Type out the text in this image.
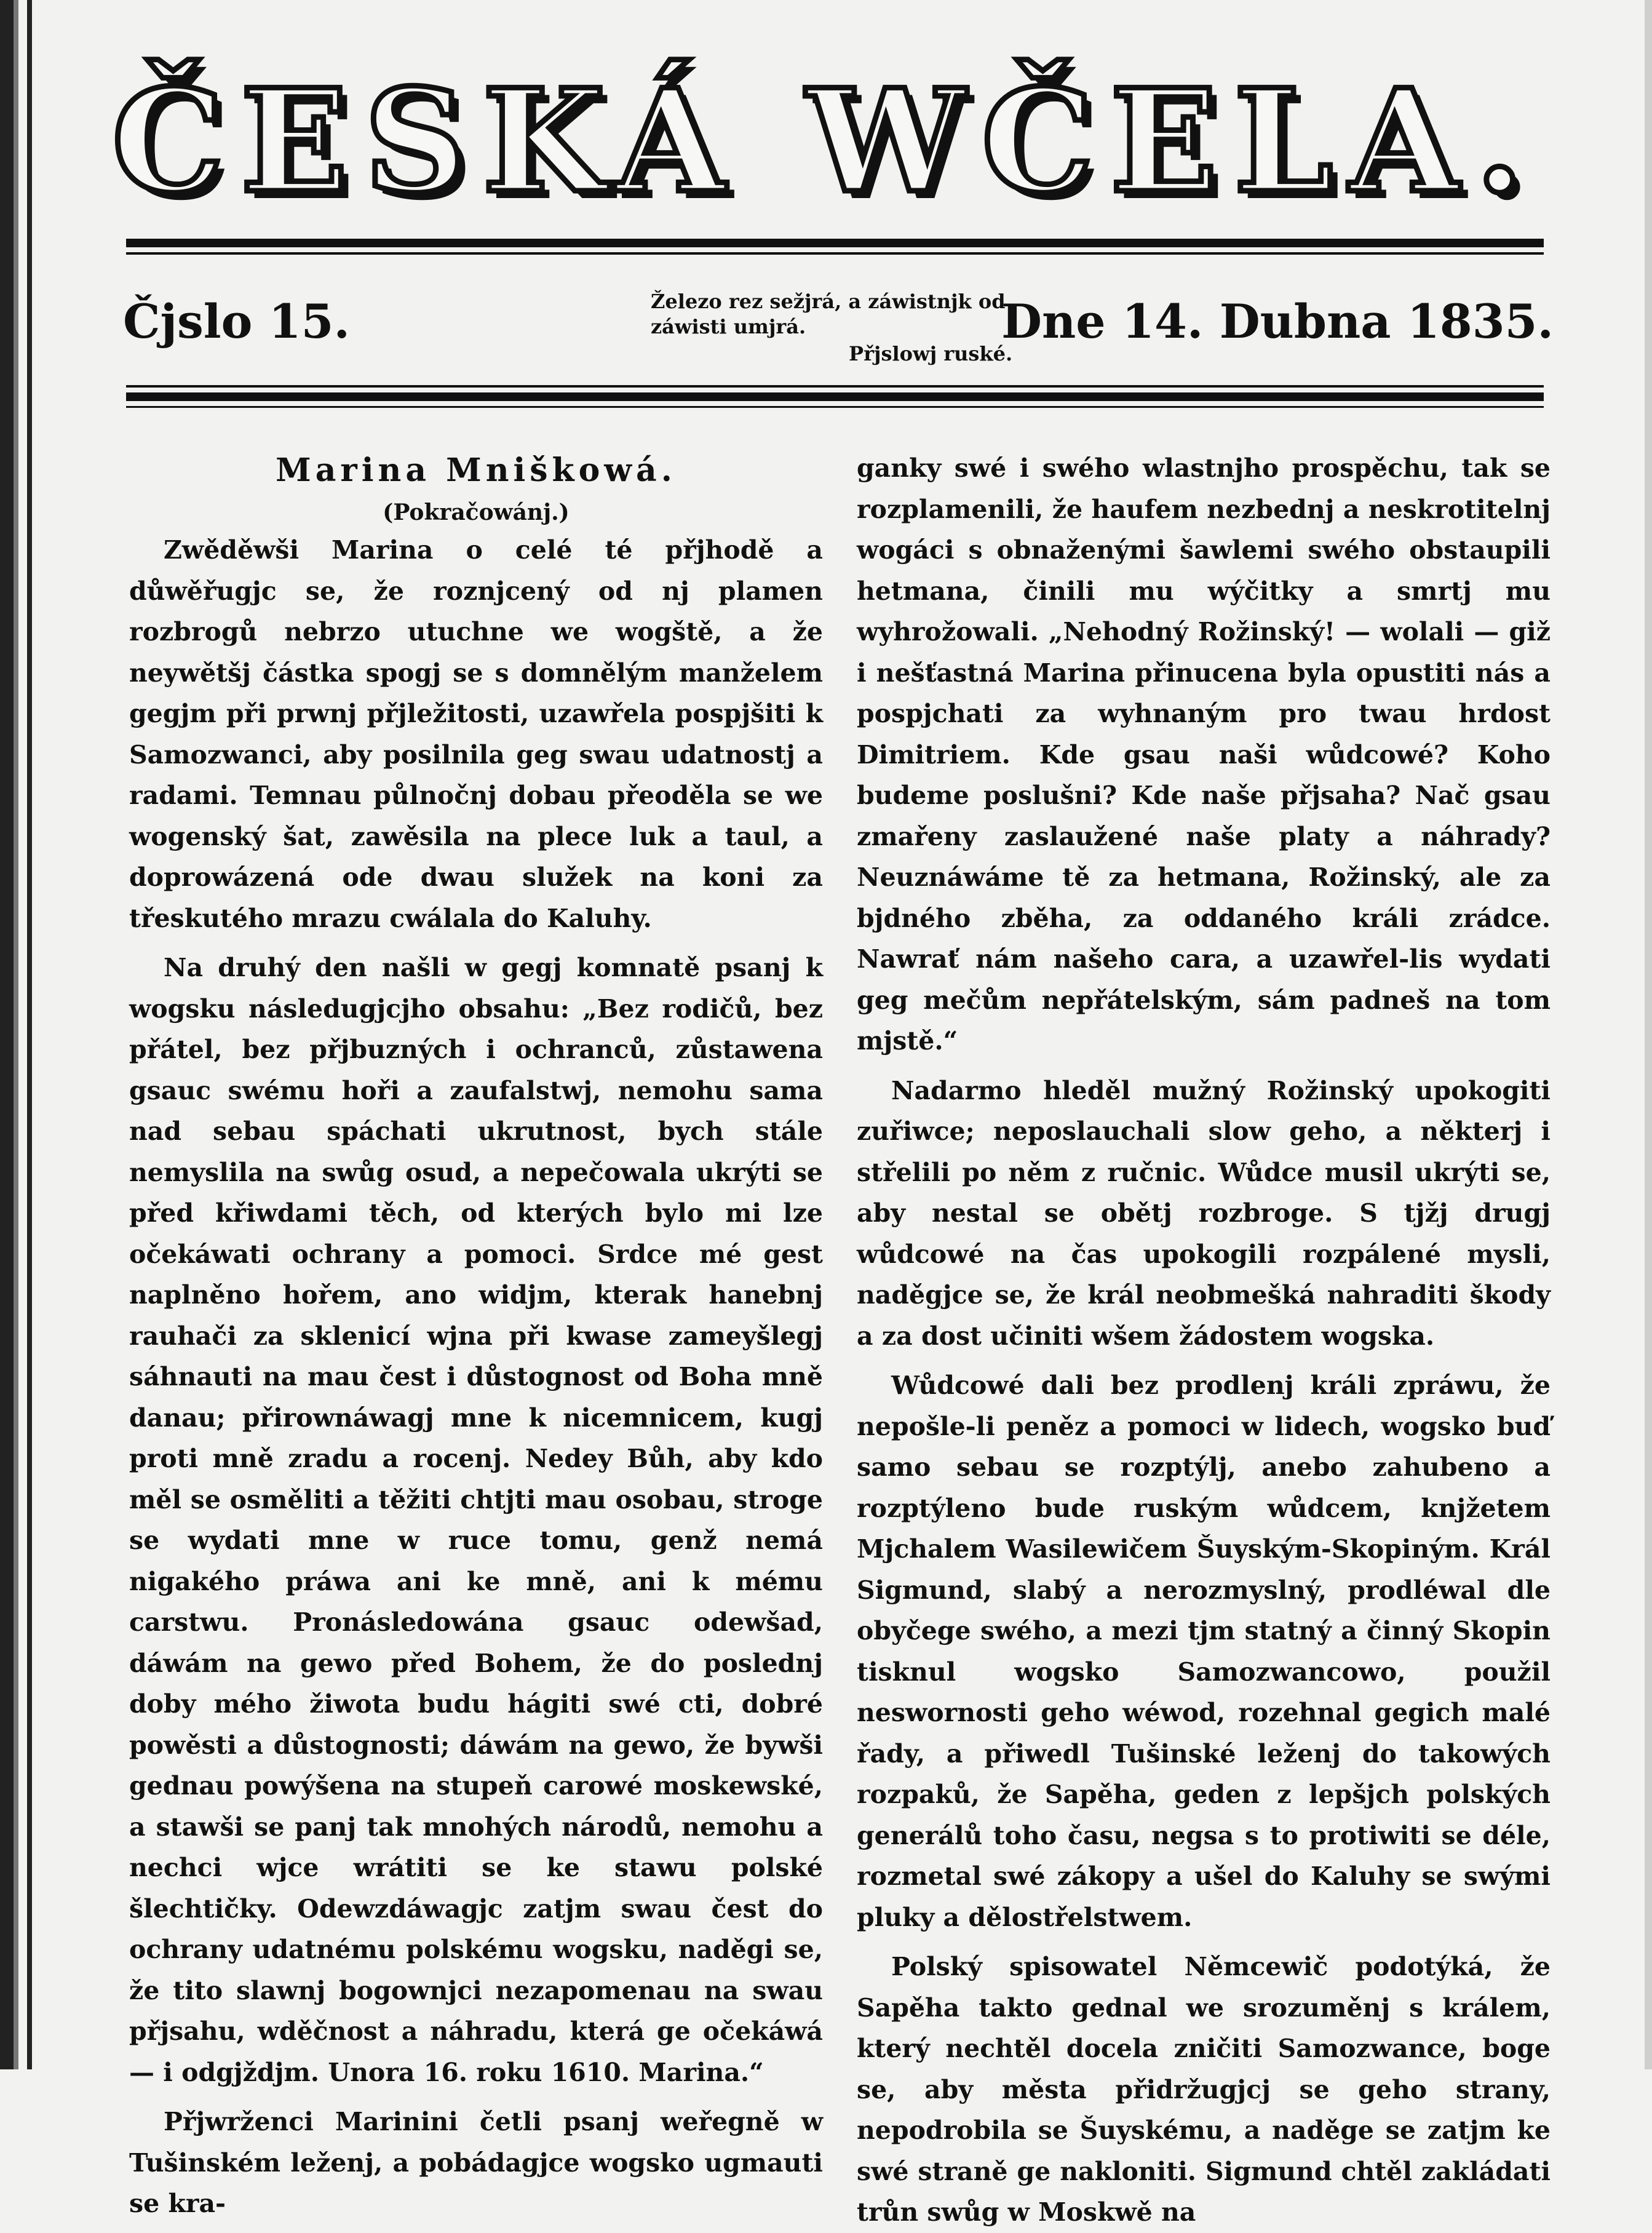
ČESKÁ WČELA.
Čjslo 15.	Železo rez sežjrá, a záwistnjk od záwisti umjrá.
Přjslowj ruské.
Dne 14. Dubna 1835.

Marina Mniškowá.

(Pokračowánj.)

Zwěděwši Marina o celé té přjhodě a důwěřugjc se, že roznjcený od nj plamen rozbrogů nebrzo utuchne we wogště, a že neywětšj částka spogj se s domnělým manželem gegjm při prwnj přjležitosti, uzawřela pospjšiti k Samozwanci, aby posilnila geg swau udatnostj a radami. Temnau půlnočnj dobau přeoděla se we wogenský šat, zawěsila na plece luk a taul, a doprowázená ode dwau služek na koni za třeskutého mrazu cwálala do Kaluhy.

Na druhý den našli w gegj komnatě psanj k wogsku následugjcjho obsahu: „Bez rodičů, bez přátel, bez přjbuzných i ochranců, zůstawena gsauc swému hoři a zaufalstwj, nemohu sama nad sebau spáchati ukrutnost, bych stále nemyslila na swůg osud, a nepečowala ukrýti se před křiwdami těch, od kterých bylo mi lze očekáwati ochrany a pomoci. Srdce mé gest naplněno hořem, ano widjm, kterak hanebnj rauhači za sklenicí wjna při kwase zameyšlegj sáhnauti na mau čest i důstognost od Boha mně danau; přirownáwagj mne k nicemnicem, kugj proti mně zradu a rocenj. Nedey Bůh, aby kdo měl se osměliti a těžiti chtjti mau osobau, stroge se wydati mne w ruce tomu, genž nemá nigakého práwa ani ke mně, ani k mému carstwu. Pronásledowána gsauc odewšad, dáwám na gewo před Bohem, že do poslednj doby mého žiwota budu hágiti swé cti, dobré powěsti a důstognosti; dáwám na gewo, že bywši gednau powýšena na stupeň carowé moskewské, a stawši se panj tak mnohých národů, nemohu a nechci wjce wrátiti se ke stawu polské šlechtičky. Odewzdáwagjc zatjm swau čest do ochrany udatnému polskému wogsku, naděgi se, že tito slawnj bogownjci nezapomenau na swau přjsahu, wděčnost a náhradu, která ge očekáwá — i odgjždjm. Unora 16. roku 1610. Marina.“

Přjwrženci Marinini četli psanj weřegně w Tušinském leženj, a pobádagjce wogsko ugmauti se kra-

ganky swé i swého wlastnjho prospěchu, tak se rozplamenili, že haufem nezbednj a neskrotitelnj wogáci s obnaženými šawlemi swého obstaupili hetmana, činili mu wýčitky a smrtj mu wyhrožowali. „Nehodný Rožinský! — wolali — giž i nešťastná Marina přinucena byla opustiti nás a pospjchati za wyhnaným pro twau hrdost Dimitriem. Kde gsau naši wůdcowé? Koho budeme poslušni? Kde naše přjsaha? Nač gsau zmařeny zaslaužené naše platy a náhrady? Neuznáwáme tě za hetmana, Rožinský, ale za bjdného zběha, za oddaného králi zrádce. Nawrať nám našeho cara, a uzawřel-lis wydati geg mečům nepřátelským, sám padneš na tom mjstě.“

Nadarmo hleděl mužný Rožinský upokogiti zuřiwce; neposlauchali slow geho, a některj i střelili po něm z ručnic. Wůdce musil ukrýti se, aby nestal se obětj rozbroge. S tjžj drugj wůdcowé na čas upokogili rozpálené mysli, naděgjce se, že král neobmešká nahraditi škody a za dost učiniti wšem žádostem wogska.

Wůdcowé dali bez prodlenj králi zpráwu, že nepošle-li peněz a pomoci w lidech, wogsko buď samo sebau se rozptýlj, anebo zahubeno a rozptýleno bude ruským wůdcem, knjžetem Mjchalem Wasilewičem Šuyským-Skopiným. Král Sigmund, slabý a nerozmyslný, prodléwal dle obyčege swého, a mezi tjm statný a činný Skopin tisknul wogsko Samozwancowo, použil neswornosti geho wéwod, rozehnal gegich malé řady, a přiwedl Tušinské leženj do takowých rozpaků, že Sapěha, geden z lepšjch polských generálů toho času, negsa s to protiwiti se déle, rozmetal swé zákopy a ušel do Kaluhy se swými pluky a dělostřelstwem.

Polský spisowatel Němcewič podotýká, že Sapěha takto gednal we srozuměnj s králem, který nechtěl docela zničiti Samozwance, boge se, aby města přidržugjcj se geho strany, nepodrobila se Šuyskému, a naděge se zatjm ke swé straně ge nakloniti. Sigmund chtěl zakládati trůn swůg w Moskwě na
